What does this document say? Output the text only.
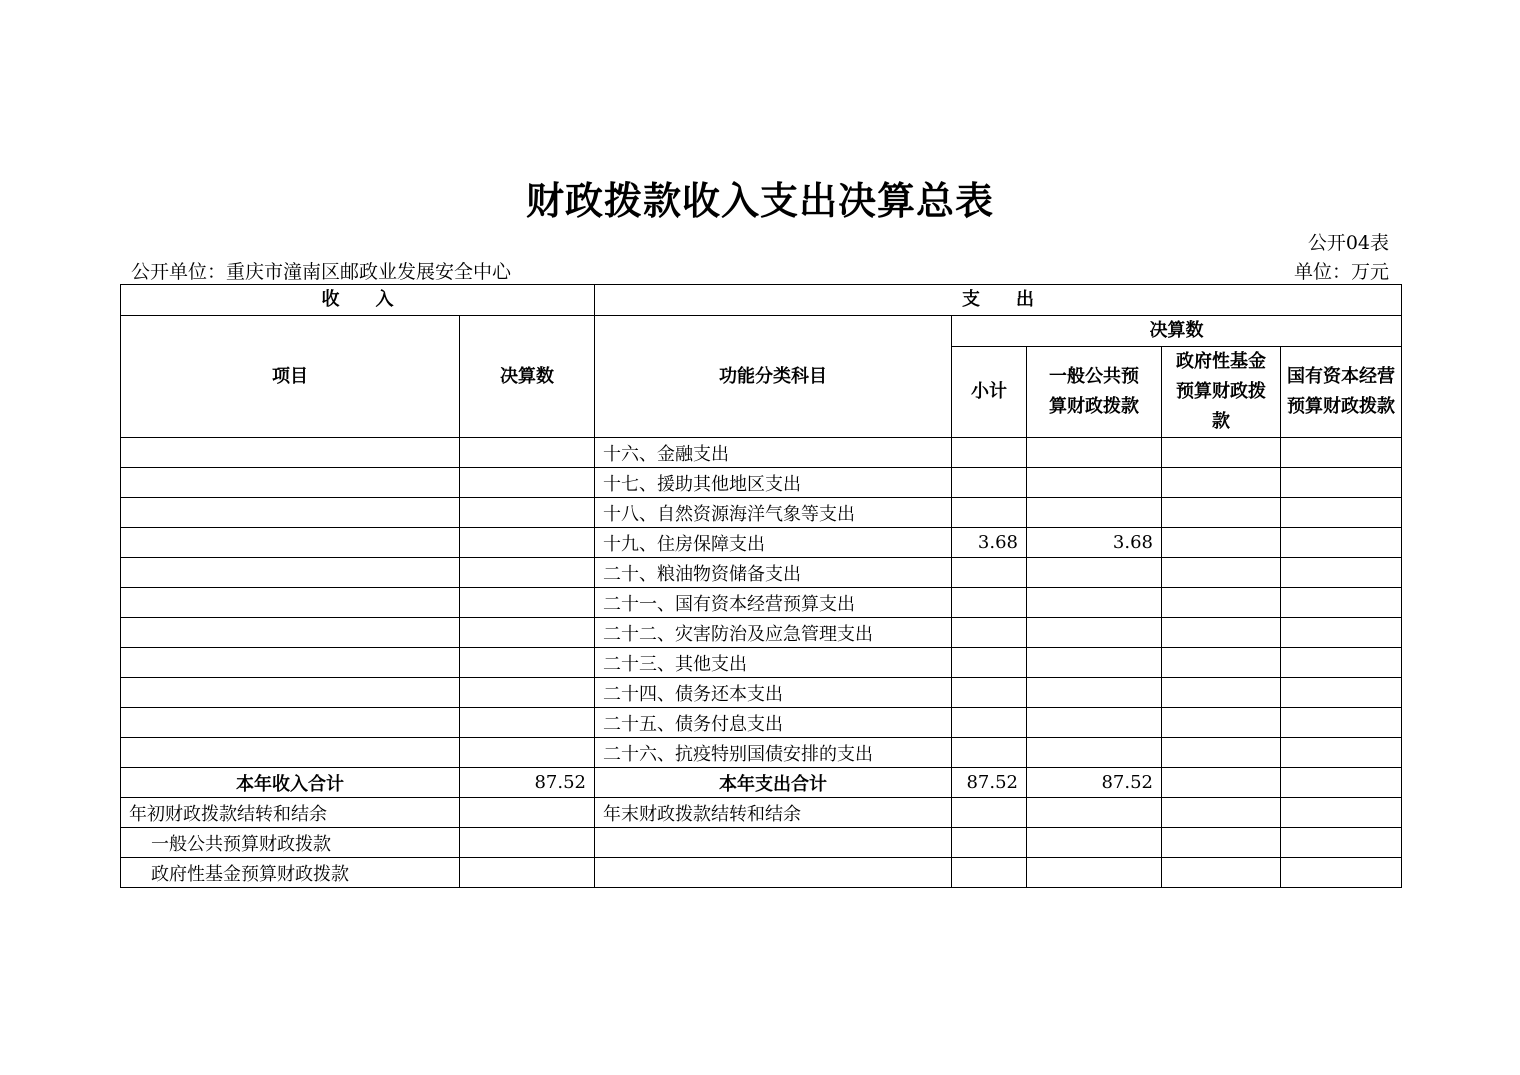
财政拨款收入支出决算总表
公开04表
公开单位：重庆市潼南区邮政业发展安全中心	单位：万元
收　　入		支　　出				
项目	决算数	功能分类科目	决算数			
			小计	一般公共预算财政拨款	政府性基金预算财政拨款	国有资本经营预算财政拨款
		十六、金融支出				
		十七、援助其他地区支出				
		十八、自然资源海洋气象等支出				
		十九、住房保障支出	3.68	3.68		
		二十、粮油物资储备支出				
		二十一、国有资本经营预算支出				
		二十二、灾害防治及应急管理支出				
		二十三、其他支出				
		二十四、债务还本支出				
		二十五、债务付息支出				
		二十六、抗疫特别国债安排的支出				
本年收入合计	87.52	本年支出合计	87.52	87.52		
年初财政拨款结转和结余		年末财政拨款结转和结余				
一般公共预算财政拨款						
政府性基金预算财政拨款						
